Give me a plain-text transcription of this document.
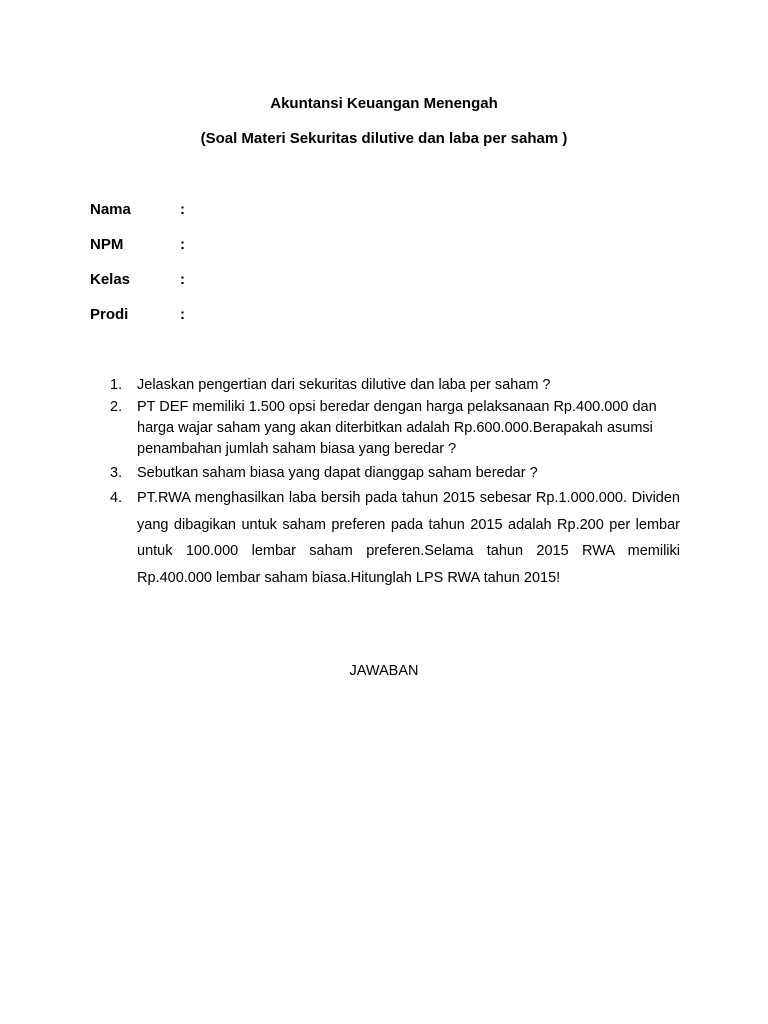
Akuntansi Keuangan Menengah
(Soal Materi Sekuritas dilutive dan laba per saham )
Nama	:
NPM	:
Kelas	:
Prodi	:
1.	Jelaskan pengertian dari sekuritas dilutive dan laba per saham ?
2.	PT DEF memiliki 1.500 opsi beredar dengan harga pelaksanaan Rp.400.000 dan harga wajar saham yang akan diterbitkan adalah Rp.600.000.Berapakah asumsi penambahan jumlah saham biasa yang beredar ?
3.	Sebutkan saham biasa yang dapat dianggap saham beredar ?
4.	PT.RWA menghasilkan laba bersih pada tahun 2015 sebesar Rp.1.000.000. Dividen yang dibagikan untuk saham preferen pada tahun 2015 adalah Rp.200 per lembar untuk 100.000 lembar saham preferen.Selama tahun 2015 RWA memiliki Rp.400.000 lembar saham biasa.Hitunglah LPS RWA tahun 2015!
JAWABAN
